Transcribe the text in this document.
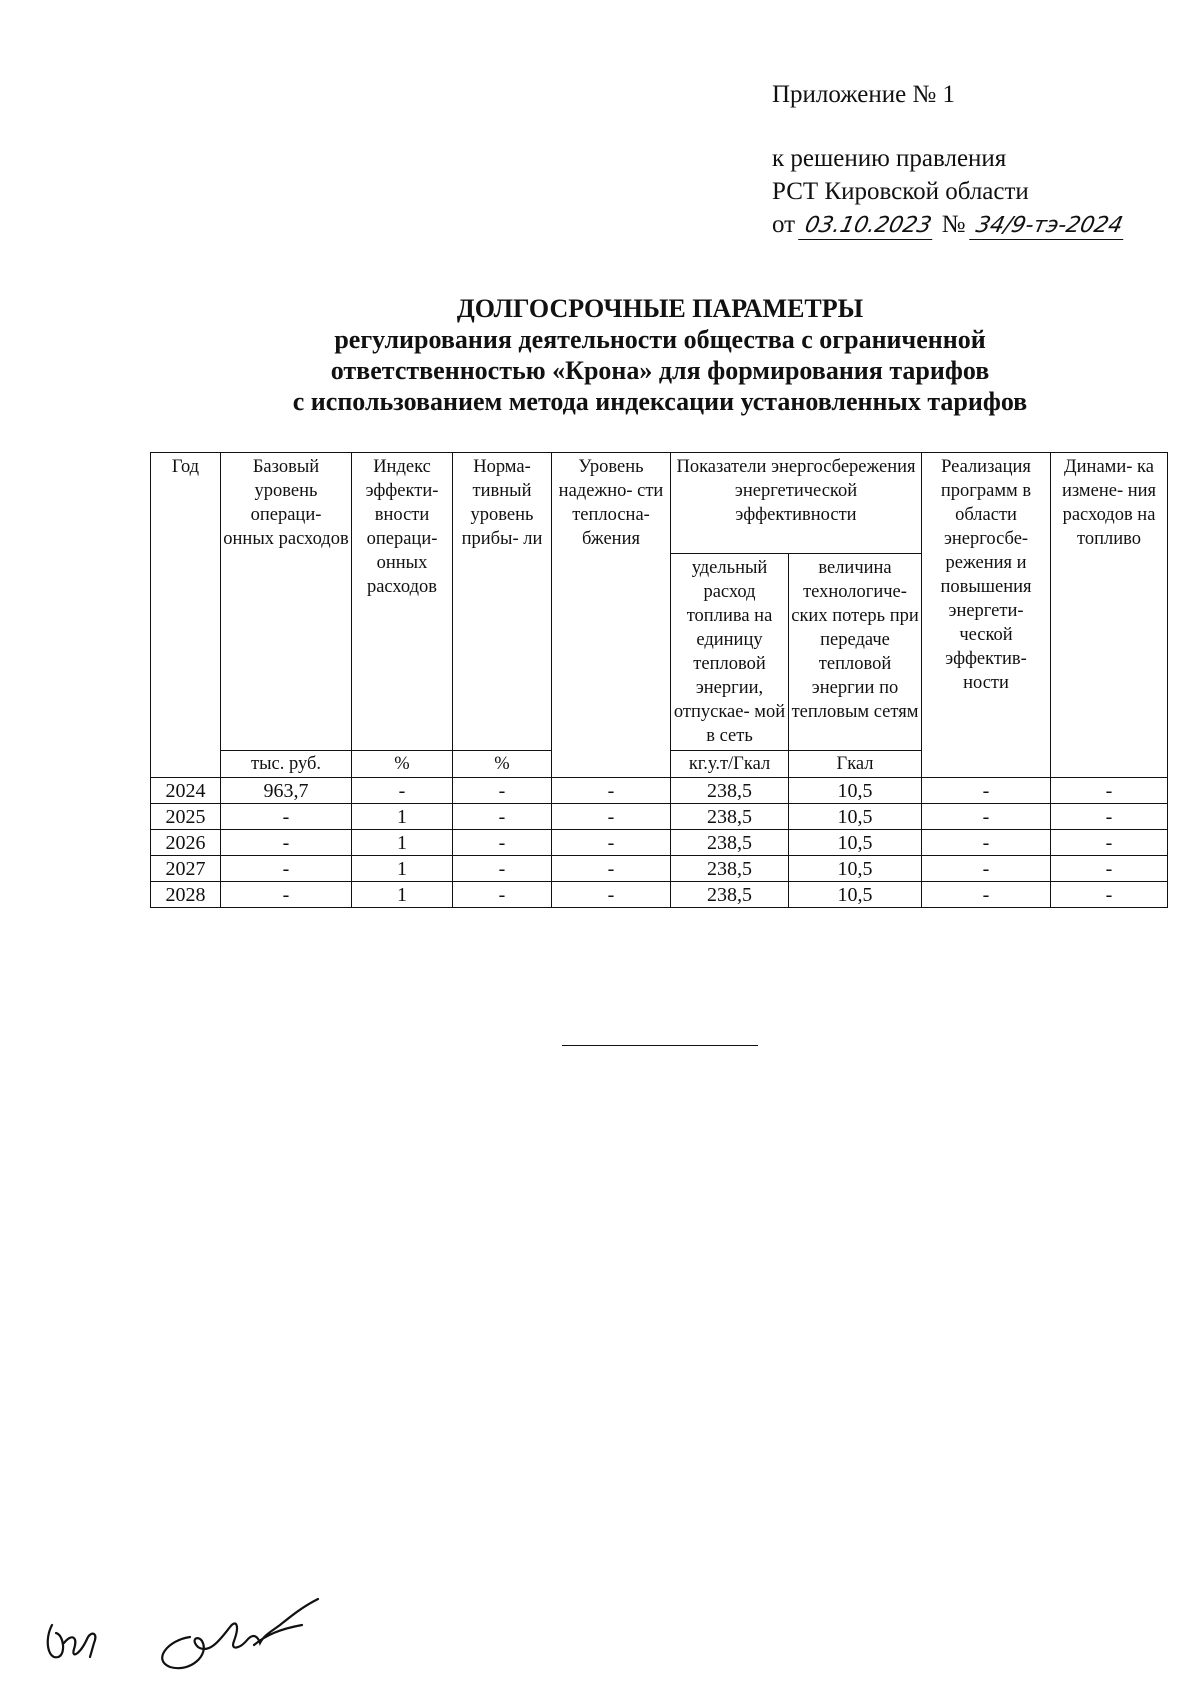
Приложение № 1
к решению правления
РСТ Кировской области
от 03.10.2023 № 34/9-тэ-2024
ДОЛГОСРОЧНЫЕ ПАРАМЕТРЫ
регулирования деятельности общества с ограниченной
ответственностью «Крона» для формирования тарифов
с использованием метода индексации установленных тарифов
Год	Базовый уровень операци- онных расходов	Индекс эффекти- вности операци- онных расходов	Норма- тивный уровень прибы- ли	Уровень надежно- сти теплосна- бжения	Показатели энергосбережения энергетической эффективности		Реализация программ в области энергосбе- режения и повышения энергети- ческой эффектив- ности	Динами- ка измене- ния расходов на топливо
					удельный расход топлива на единицу тепловой энергии, отпускае- мой в сеть	величина технологиче- ских потерь при передаче тепловой энергии по тепловым сетям		
	тыс. руб.	%	%		кг.у.т/Гкал	Гкал		
2024	963,7	-	-	-	238,5	10,5	-	-
2025	-	1	-	-	238,5	10,5	-	-
2026	-	1	-	-	238,5	10,5	-	-
2027	-	1	-	-	238,5	10,5	-	-
2028	-	1	-	-	238,5	10,5	-	-
